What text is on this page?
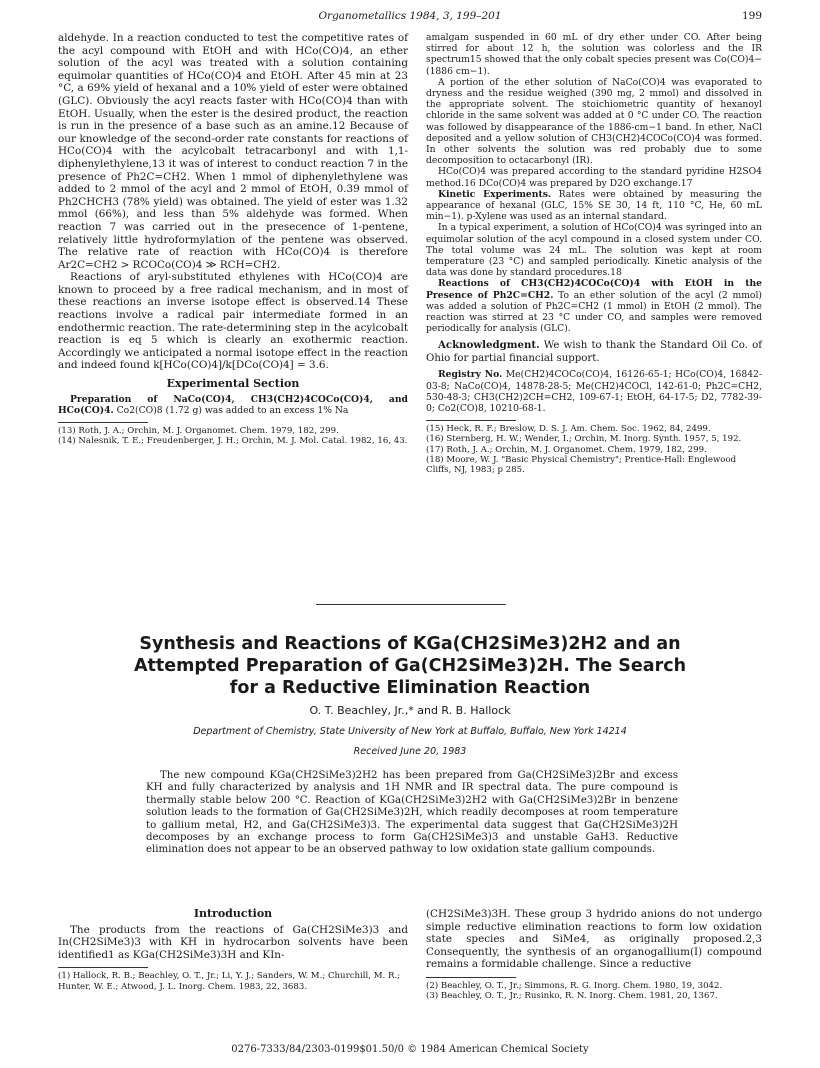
Organometallics 1984, 3, 199–201	199

aldehyde. In a reaction conducted to test the competitive rates of the acyl compound with EtOH and with HCo(CO)4, an ether solution of the acyl was treated with a solution containing equimolar quantities of HCo(CO)4 and EtOH. After 45 min at 23 °C, a 69% yield of hexanal and a 10% yield of ester were obtained (GLC). Obviously the acyl reacts faster with HCo(CO)4 than with EtOH. Usually, when the ester is the desired product, the reaction is run in the presence of a base such as an amine.12 Because of our knowledge of the second-order rate constants for reactions of HCo(CO)4 with the acylcobalt tetracarbonyl and with 1,1-diphenylethylene,13 it was of interest to conduct reaction 7 in the presence of Ph2C=CH2. When 1 mmol of diphenylethylene was added to 2 mmol of the acyl and 2 mmol of EtOH, 0.39 mmol of Ph2CHCH3 (78% yield) was obtained. The yield of ester was 1.32 mmol (66%), and less than 5% aldehyde was formed. When reaction 7 was carried out in the presecence of 1-pentene, relatively little hydroformylation of the pentene was observed. The relative rate of reaction with HCo(CO)4 is therefore Ar2C=CH2 > RCOCo(CO)4 ≫ RCH=CH2.

Reactions of aryl-substituted ethylenes with HCo(CO)4 are known to proceed by a free radical mechanism, and in most of these reactions an inverse isotope effect is observed.14 These reactions involve a radical pair intermediate formed in an endothermic reaction. The rate-determining step in the acylcobalt reaction is eq 5 which is clearly an exothermic reaction. Accordingly we anticipated a normal isotope effect in the reaction and indeed found k[HCo(CO)4]/k[DCo(CO)4] = 3.6.

Experimental Section

Preparation of NaCo(CO)4, CH3(CH2)4COCo(CO)4, and HCo(CO)4. Co2(CO)8 (1.72 g) was added to an excess 1% Na

(13) Roth, J. A.; Orchin, M. J. Organomet. Chem. 1979, 182, 299.

(14) Nalesnik, T. E.; Freudenberger, J. H.; Orchin, M. J. Mol. Catal. 1982, 16, 43.

amalgam suspended in 60 mL of dry ether under CO. After being stirred for about 12 h, the solution was colorless and the IR spectrum15 showed that the only cobalt species present was Co(CO)4− (1886 cm−1).

A portion of the ether solution of NaCo(CO)4 was evaporated to dryness and the residue weighed (390 mg, 2 mmol) and dissolved in the appropriate solvent. The stoichiometric quantity of hexanoyl chloride in the same solvent was added at 0 °C under CO. The reaction was followed by disappearance of the 1886-cm−1 band. In ether, NaCl deposited and a yellow solution of CH3(CH2)4COCo(CO)4 was formed. In other solvents the solution was red probably due to some decomposition to octacarbonyl (IR).

HCo(CO)4 was prepared according to the standard pyridine H2SO4 method.16 DCo(CO)4 was prepared by D2O exchange.17

Kinetic Experiments. Rates were obtained by measuring the appearance of hexanal (GLC, 15% SE 30, 14 ft, 110 °C, He, 60 mL min−1). p-Xylene was used as an internal standard.

In a typical experiment, a solution of HCo(CO)4 was syringed into an equimolar solution of the acyl compound in a closed system under CO. The total volume was 24 mL. The solution was kept at room temperature (23 °C) and sampled periodically. Kinetic analysis of the data was done by standard procedures.18

Reactions of CH3(CH2)4COCo(CO)4 with EtOH in the Presence of Ph2C=CH2. To an ether solution of the acyl (2 mmol) was added a solution of Ph2C=CH2 (1 mmol) in EtOH (2 mmol). The reaction was stirred at 23 °C under CO, and samples were removed periodically for analysis (GLC).

Acknowledgment. We wish to thank the Standard Oil Co. of Ohio for partial financial support.

Registry No. Me(CH2)4COCo(CO)4, 16126-65-1; HCo(CO)4, 16842-03-8; NaCo(CO)4, 14878-28-5; Me(CH2)4COCl, 142-61-0; Ph2C=CH2, 530-48-3; CH3(CH2)2CH=CH2, 109-67-1; EtOH, 64-17-5; D2, 7782-39-0; Co2(CO)8, 10210-68-1.

(15) Heck, R. F.; Breslow, D. S. J. Am. Chem. Soc. 1962, 84, 2499.

(16) Sternberg, H. W.; Wender, I.; Orchin, M. Inorg. Synth. 1957, 5, 192.

(17) Roth, J. A.; Orchin, M. J. Organomet. Chem. 1979, 182, 299.

(18) Moore, W. J. "Basic Physical Chemistry"; Prentice-Hall: Englewood Cliffs, NJ, 1983; p 285.

Synthesis and Reactions of KGa(CH2SiMe3)2H2 and an Attempted Preparation of Ga(CH2SiMe3)2H. The Search for a Reductive Elimination Reaction
O. T. Beachley, Jr.,* and R. B. Hallock
Department of Chemistry, State University of New York at Buffalo, Buffalo, New York 14214
Received June 20, 1983
The new compound KGa(CH2SiMe3)2H2 has been prepared from Ga(CH2SiMe3)2Br and excess KH and fully characterized by analysis and 1H NMR and IR spectral data. The pure compound is thermally stable below 200 °C. Reaction of KGa(CH2SiMe3)2H2 with Ga(CH2SiMe3)2Br in benzene solution leads to the formation of Ga(CH2SiMe3)2H, which readily decomposes at room temperature to gallium metal, H2, and Ga(CH2SiMe3)3. The experimental data suggest that Ga(CH2SiMe3)2H decomposes by an exchange process to form Ga(CH2SiMe3)3 and unstable GaH3. Reductive elimination does not appear to be an observed pathway to low oxidation state gallium compounds.
Introduction

The products from the reactions of Ga(CH2SiMe3)3 and In(CH2SiMe3)3 with KH in hydrocarbon solvents have been identified1 as KGa(CH2SiMe3)3H and KIn-

(1) Hallock, R. B.; Beachley, O. T., Jr.; Li, Y. J.; Sanders, W. M.; Churchill, M. R.; Hunter, W. E.; Atwood, J. L. Inorg. Chem. 1983, 22, 3683.

(CH2SiMe3)3H. These group 3 hydrido anions do not undergo simple reductive elimination reactions to form low oxidation state species and SiMe4, as originally proposed.2,3 Consequently, the synthesis of an organogallium(I) compound remains a formidable challenge. Since a reductive

(2) Beachley, O. T., Jr.; Simmons, R. G. Inorg. Chem. 1980, 19, 3042.

(3) Beachley, O. T., Jr.; Rusinko, R. N. Inorg. Chem. 1981, 20, 1367.

0276-7333/84/2303-0199$01.50/0 © 1984 American Chemical Society
